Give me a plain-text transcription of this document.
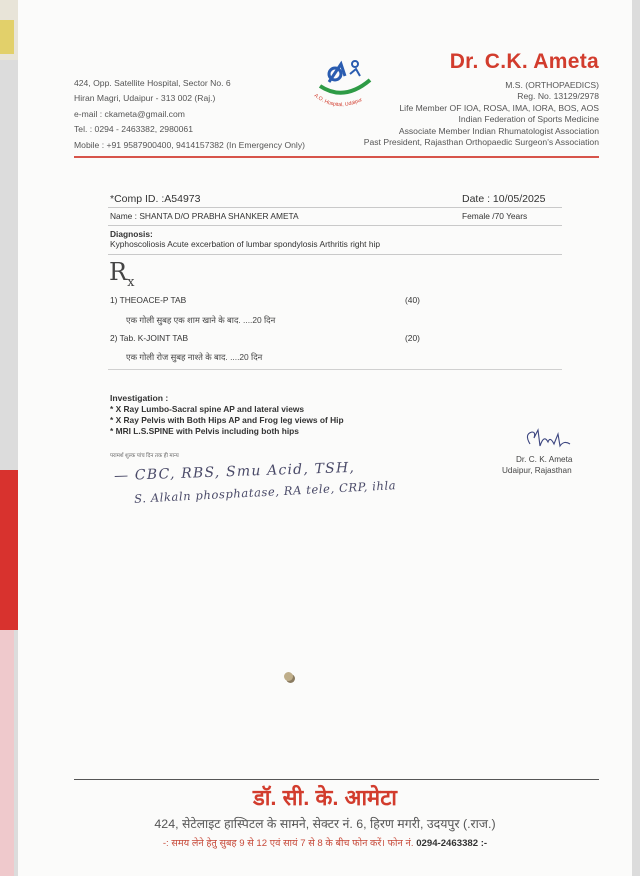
424, Opp. Satellite Hospital, Sector No. 6
Hiran Magri, Udaipur - 313 002 (Raj.)
e-mail : ckameta@gmail.com
Tel. : 0294 - 2463382, 2980061
Mobile : +91 9587900400, 9414157382 (In Emergency Only)
A.O. Hospital, Udaipur
Dr. C.K. Ameta
M.S. (ORTHOPAEDICS)
Reg. No. 13129/2978
Life Member OF IOA, ROSA, IMA, IORA, BOS, AOS
Indian Federation of Sports Medicine
Associate Member Indian Rhumatologist Association
Past President, Rajasthan Orthopaedic Surgeon's Association
*Comp ID. :A54973	Date : 10/05/2025
Name : SHANTA D/O PRABHA SHANKER AMETA	Female /70 Years
Diagnosis:
Kyphoscoliosis Acute excerbation of lumbar spondylosis Arthritis right hip
$R_x$
1) THEOACE-P TAB	(40)
एक गोली सुबह एक शाम खाने के बाद. ....20 दिन
2) Tab. K-JOINT TAB	(20)
एक गोली रोज सुबह नाश्ते के बाद. ....20 दिन
Investigation :
* X Ray Lumbo-Sacral spine AP and lateral views
* X Ray Pelvis with Both Hips AP and Frog leg views of Hip
* MRI L.S.SPINE with Pelvis including both hips
परामर्श शुल्क पांच दिन तक ही मान्य	Dr. C. K. Ameta
Udaipur, Rajasthan
— CBC, RBS, Smu Acid, TSH,
S. Alkaln phosphatase, RA tele, CRP, ihla
डॉ. सी. के. आमेटा
424, सेटेलाइट हास्पिटल के सामने, सेक्टर नं. 6, हिरण मगरी, उदयपुर (.राज.)
-: समय लेने हेतु सुबह 9 से 12 एवं सायं 7 से 8 के बीच फोन करें। फोन नं. 0294-2463382 :-
